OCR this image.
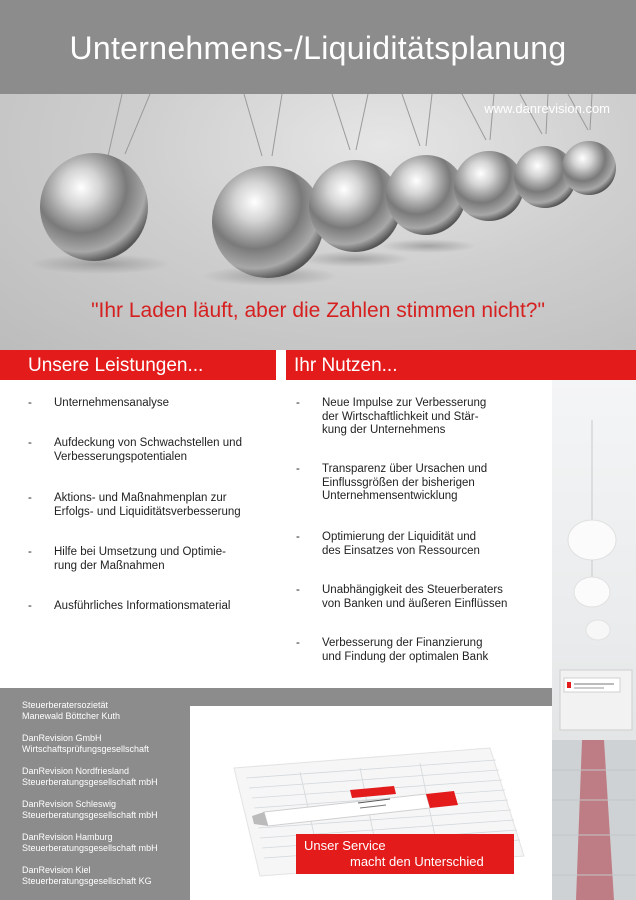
Unternehmens-/Liquiditätsplanung
www.danrevision.com
"Ihr Laden läuft, aber die Zahlen stimmen nicht?"
Unsere Leistungen...	Ihr Nutzen...
- Unternehmensanalyse
- Aufdeckung von Schwachstellen und
Verbesserungspotentialen
- Aktions- und Maßnahmenplan zur
Erfolgs- und Liquiditätsverbesserung
- Hilfe bei Umsetzung und Optimie-
rung der Maßnahmen
- Ausführliches Informationsmaterial
- Neue Impulse zur Verbesserung
der Wirtschaftlichkeit und Stär-
kung der Unternehmens
- Transparenz über Ursachen und
Einflussgrößen der bisherigen
Unternehmensentwicklung
- Optimierung der Liquidität und
des Einsatzes von Ressourcen
- Unabhängigkeit des Steuerberaters
von Banken und äußeren Einflüssen
- Verbesserung der Finanzierung
und Findung der optimalen Bank
Steuerberatersozietät
Manewald Böttcher Kuth
DanRevision GmbH
Wirtschaftsprüfungsgesellschaft
DanRevision Nordfriesland
Steuerberatungsgesellschaft mbH
DanRevision Schleswig
Steuerberatungsgesellschaft mbH
DanRevision Hamburg
Steuerberatungsgesellschaft mbH
DanRevision Kiel
Steuerberatungsgesellschaft KG
Unser Service
macht den Unterschied
